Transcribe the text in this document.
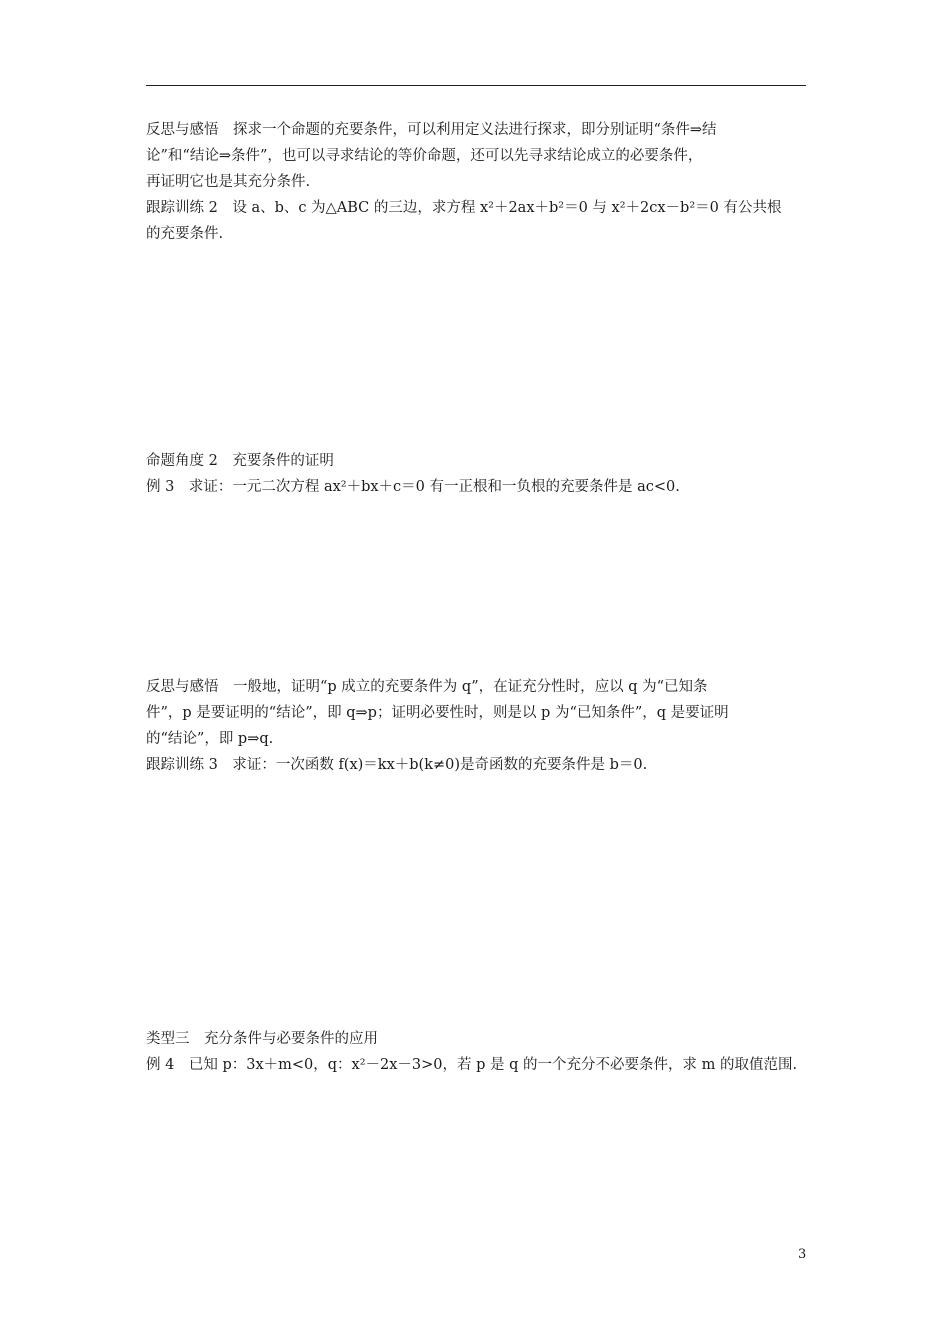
反思与感悟　探求一个命题的充要条件，可以利用定义法进行探求，即分别证明“条件⇒结
论”和“结论⇒条件”，也可以寻求结论的等价命题，还可以先寻求结论成立的必要条件，
再证明它也是其充分条件.
跟踪训练 2　设 a、b、c 为△ABC 的三边，求方程 x²＋2ax＋b²＝0 与 x²＋2cx－b²＝0 有公共根
的充要条件.
命题角度 2　充要条件的证明
例 3　求证：一元二次方程 ax²＋bx＋c＝0 有一正根和一负根的充要条件是 ac<0.
反思与感悟　一般地，证明“p 成立的充要条件为 q”，在证充分性时，应以 q 为“已知条
件”，p 是要证明的“结论”，即 q⇒p；证明必要性时，则是以 p 为“已知条件”，q 是要证明
的“结论”，即 p⇒q.
跟踪训练 3　求证：一次函数 f(x)＝kx＋b(k≠0)是奇函数的充要条件是 b＝0.
类型三　充分条件与必要条件的应用
例 4　已知 p：3x＋m<0，q：x²－2x－3>0，若 p 是 q 的一个充分不必要条件，求 m 的取值范围.
3
